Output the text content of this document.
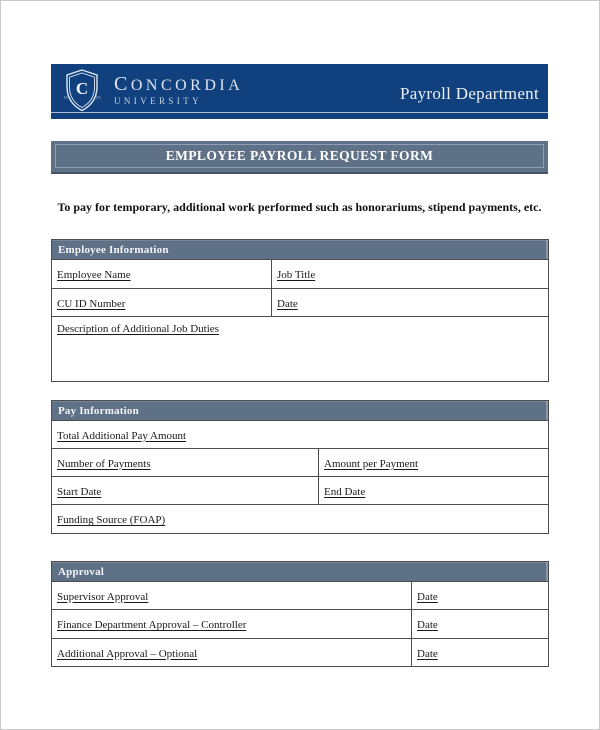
C
19	05
CONCORDIA
UNIVERSITY	Payroll Department
EMPLOYEE PAYROLL REQUEST FORM
To pay for temporary, additional work performed such as honorariums, stipend payments, etc.
Employee Information	
Employee Name	Job Title
CU ID Number	Date
Description of Additional Job Duties	
Pay Information	
Total Additional Pay Amount	
Number of Payments	Amount per Payment
Start Date	End Date
Funding Source (FOAP)	
Approval	
Supervisor Approval	Date
Finance Department Approval – Controller	Date
Additional Approval – Optional	Date
